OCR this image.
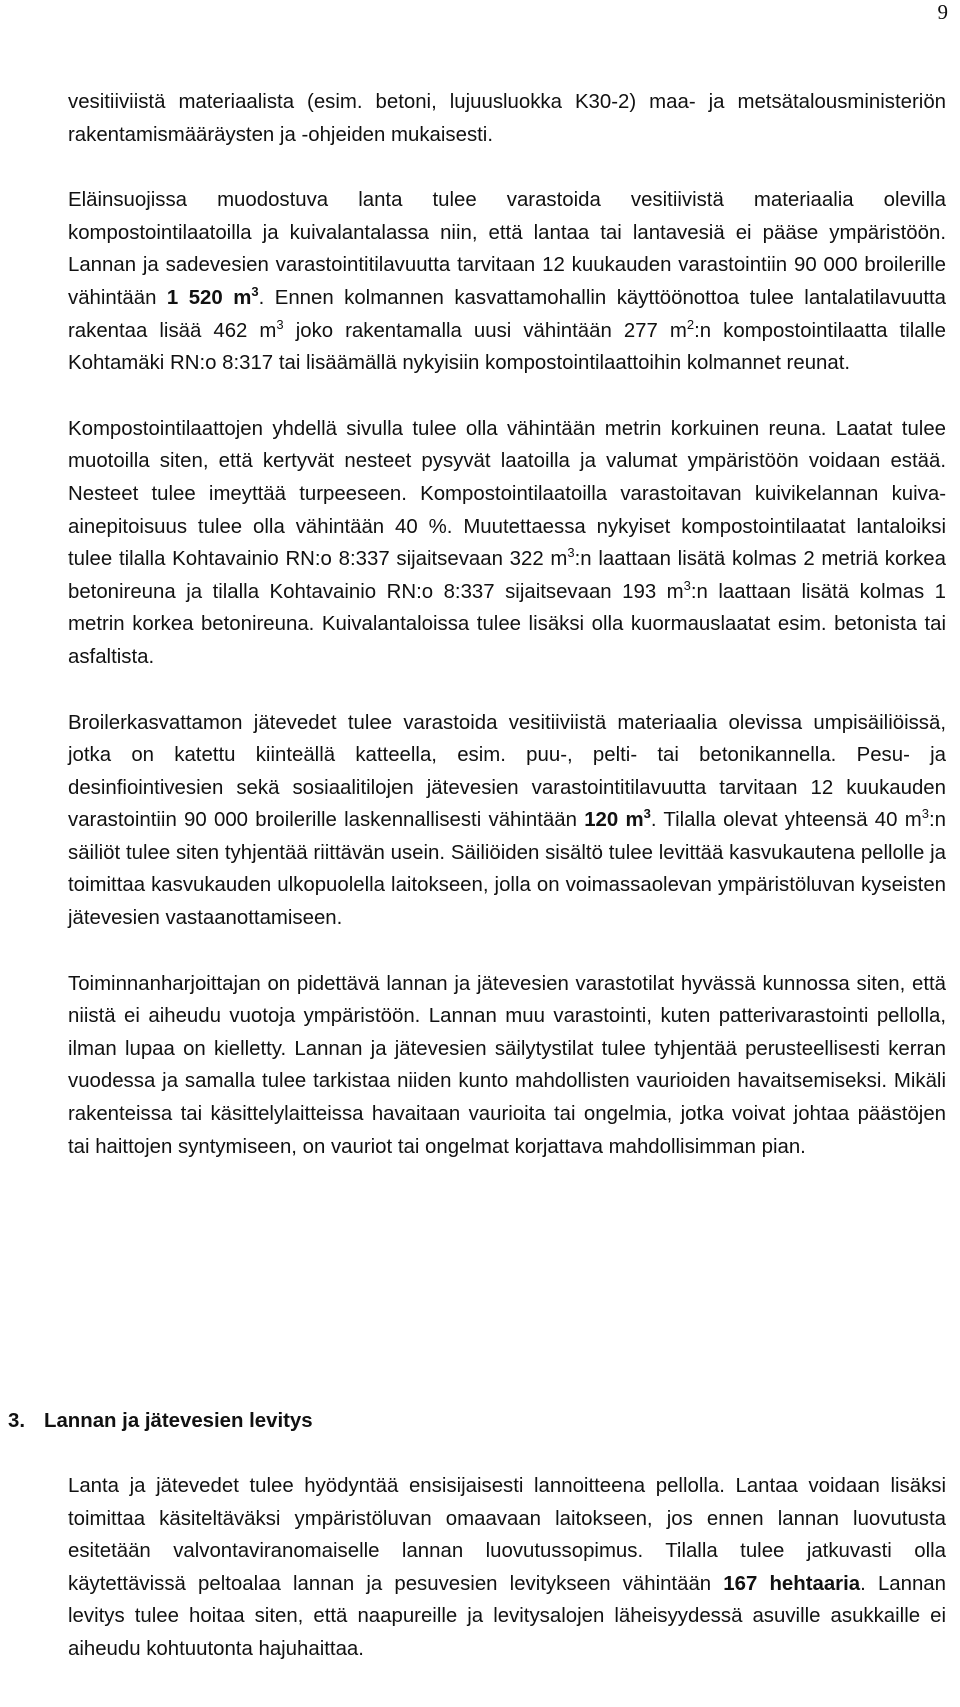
9

vesitiiviistä materiaalista (esim. betoni, lujuusluokka K30-2) maa- ja metsätalousministeriön rakentamismääräysten ja -ohjeiden mukaisesti.

Eläinsuojissa muodostuva lanta tulee varastoida vesitiivistä materiaalia olevilla kompostointilaatoilla ja kuivalantalassa niin, että lantaa tai lantavesiä ei pääse ympäristöön. Lannan ja sadevesien varastointitilavuutta tarvitaan 12 kuukauden varastointiin 90 000 broilerille vähintään 1 520 $m^3$. Ennen kolmannen kasvattamohallin käyttöönottoa tulee lantalatilavuutta rakentaa lisää 462 $m^3$ joko rakentamalla uusi vähintään 277 $m^2:n$ kompostointilaatta tilalle Kohtamäki RN:o 8:317 tai lisäämällä nykyisiin kompostointilaattoihin kolmannet reunat.

Kompostointilaattojen yhdellä sivulla tulee olla vähintään metrin korkuinen reuna. Laatat tulee muotoilla siten, että kertyvät nesteet pysyvät laatoilla ja valumat ympäristöön voidaan estää. Nesteet tulee imeyttää turpeeseen. Kompostointilaatoilla varastoitavan kuivikelannan kuiva-ainepitoisuus tulee olla vähintään 40 %. Muutettaessa nykyiset kompostointilaatat lantaloiksi tulee tilalla Kohtavainio RN:o 8:337 sijaitsevaan 322 $m^3:n$ laattaan lisätä kolmas 2 metriä korkea betonireuna ja tilalla Kohtavainio RN:o 8:337 sijaitsevaan 193 $m^3:n$ laattaan lisätä kolmas 1 metrin korkea betonireuna. Kuivalantaloissa tulee lisäksi olla kuormauslaatat esim. betonista tai asfaltista.

Broilerkasvattamon jätevedet tulee varastoida vesitiiviistä materiaalia olevissa umpisäiliöissä, jotka on katettu kiinteällä katteella, esim. puu-, pelti- tai betonikannella. Pesu- ja desinfiointivesien sekä sosiaalitilojen jätevesien varastointitilavuutta tarvitaan 12 kuukauden varastointiin 90 000 broilerille laskennallisesti vähintään 120 $m^3$. Tilalla olevat yhteensä 40 $m^3:n$ säiliöt tulee siten tyhjentää riittävän usein. Säiliöiden sisältö tulee levittää kasvukautena pellolle ja toimittaa kasvukauden ulkopuolella laitokseen, jolla on voimassaolevan ympäristöluvan kyseisten jätevesien vastaanottamiseen.

Toiminnanharjoittajan on pidettävä lannan ja jätevesien varastotilat hyvässä kunnossa siten, että niistä ei aiheudu vuotoja ympäristöön. Lannan muu varastointi, kuten patterivarastointi pellolla, ilman lupaa on kielletty. Lannan ja jätevesien säilytystilat tulee tyhjentää perusteellisesti kerran vuodessa ja samalla tulee tarkistaa niiden kunto mahdollisten vaurioiden havaitsemiseksi. Mikäli rakenteissa tai käsittelylaitteissa havaitaan vaurioita tai ongelmia, jotka voivat johtaa päästöjen tai haittojen syntymiseen, on vauriot tai ongelmat korjattava mahdollisimman pian.

3. Lannan ja jätevesien levitys

Lanta ja jätevedet tulee hyödyntää ensisijaisesti lannoitteena pellolla. Lantaa voidaan lisäksi toimittaa käsiteltäväksi ympäristöluvan omaavaan laitokseen, jos ennen lannan luovutusta esitetään valvontaviranomaiselle lannan luovutussopimus. Tilalla tulee jatkuvasti olla käytettävissä peltoalaa lannan ja pesuvesien levitykseen vähintään 167 hehtaaria. Lannan levitys tulee hoitaa siten, että naapureille ja levitysalojen läheisyydessä asuville asukkaille ei aiheudu kohtuutonta hajuhaittaa.
